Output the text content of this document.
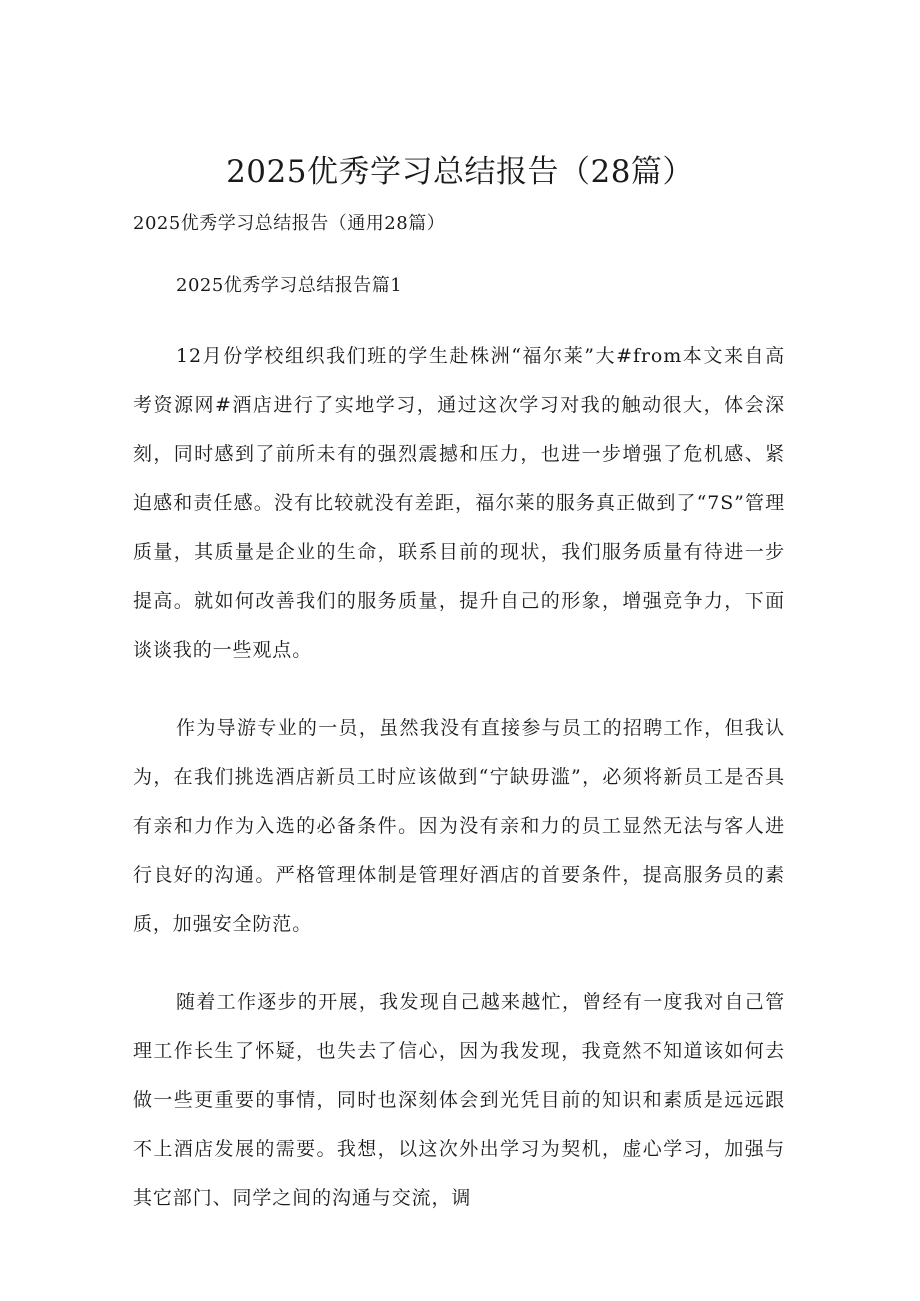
2025优秀学习总结报告（28篇）

2025优秀学习总结报告（通用28篇）

2025优秀学习总结报告篇1

12月份学校组织我们班的学生赴株洲“福尔莱”大#from本文来自高考资源网#酒店进行了实地学习，通过这次学习对我的触动很大，体会深刻，同时感到了前所未有的强烈震撼和压力，也进一步增强了危机感、紧迫感和责任感。没有比较就没有差距，福尔莱的服务真正做到了“7S”管理质量，其质量是企业的生命，联系目前的现状，我们服务质量有待进一步提高。就如何改善我们的服务质量，提升自己的形象，增强竞争力，下面谈谈我的一些观点。

作为导游专业的一员，虽然我没有直接参与员工的招聘工作，但我认为，在我们挑选酒店新员工时应该做到“宁缺毋滥”，必须将新员工是否具有亲和力作为入选的必备条件。因为没有亲和力的员工显然无法与客人进行良好的沟通。严格管理体制是管理好酒店的首要条件，提高服务员的素质，加强安全防范。

随着工作逐步的开展，我发现自己越来越忙，曾经有一度我对自己管理工作长生了怀疑，也失去了信心，因为我发现，我竟然不知道该如何去做一些更重要的事情，同时也深刻体会到光凭目前的知识和素质是远远跟不上酒店发展的需要。我想，以这次外出学习为契机，虚心学习，加强与其它部门、同学之间的沟通与交流，调
